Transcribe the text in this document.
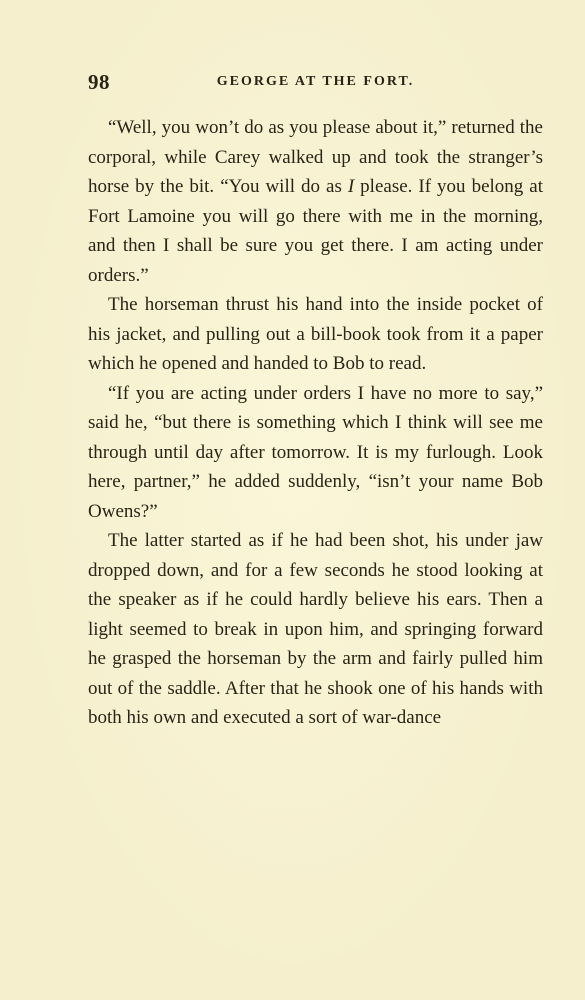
98	GEORGE AT THE FORT.

“Well, you won’t do as you please about it,” returned the corporal, while Carey walked up and took the stranger’s horse by the bit. “You will do as I please. If you belong at Fort Lamoine you will go there with me in the morning, and then I shall be sure you get there. I am acting under orders.”

The horseman thrust his hand into the inside pocket of his jacket, and pulling out a bill-book took from it a paper which he opened and handed to Bob to read.

“If you are acting under orders I have no more to say,” said he, “but there is something which I think will see me through until day after tomorrow. It is my furlough. Look here, partner,” he added suddenly, “isn’t your name Bob Owens?”

The latter started as if he had been shot, his under jaw dropped down, and for a few seconds he stood looking at the speaker as if he could hardly believe his ears. Then a light seemed to break in upon him, and springing forward he grasped the horseman by the arm and fairly pulled him out of the saddle. After that he shook one of his hands with both his own and executed a sort of war-dance
